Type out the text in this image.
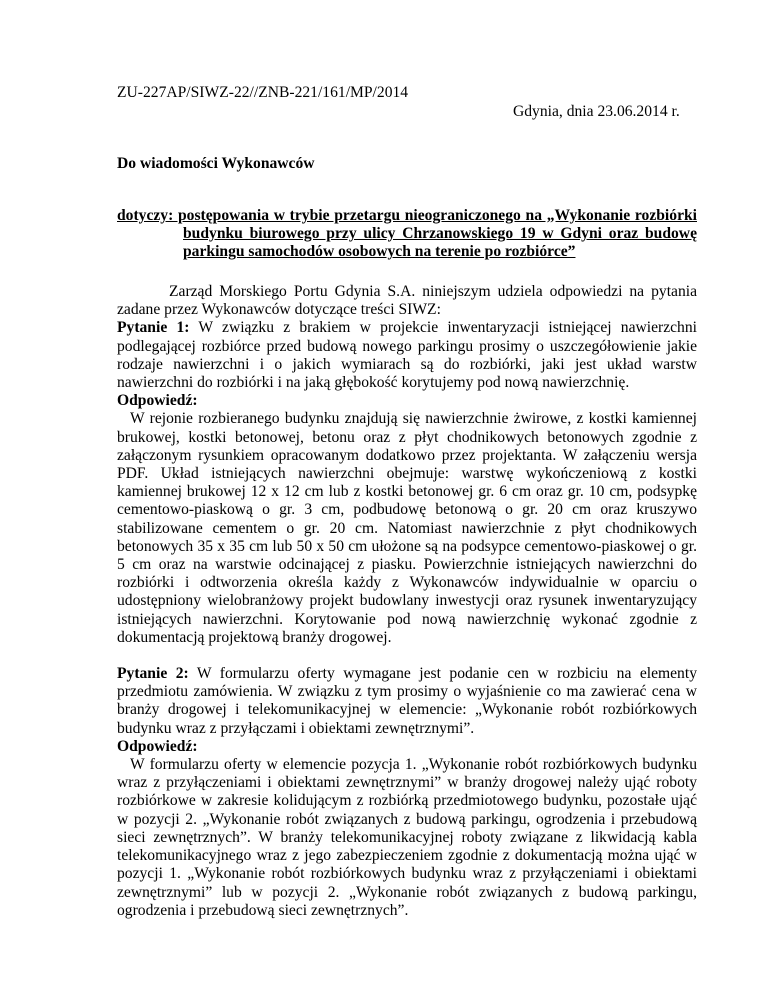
ZU-227AP/SIWZ-22//ZNB-221/161/MP/2014
Gdynia, dnia 23.06.2014 r.
Do wiadomości Wykonawców
dotyczy: postępowania w trybie przetargu nieograniczonego na „Wykonanie rozbiórki budynku biurowego przy ulicy Chrzanowskiego 19 w Gdyni oraz budowę parkingu samochodów osobowych na terenie po rozbiórce”

Zarząd Morskiego Portu Gdynia S.A. niniejszym udziela odpowiedzi na pytania zadane przez Wykonawców dotyczące treści SIWZ:

Pytanie 1: W związku z brakiem w projekcie inwentaryzacji istniejącej nawierzchni podlegającej rozbiórce przed budową nowego parkingu prosimy o uszczegółowienie jakie rodzaje nawierzchni i o jakich wymiarach są do rozbiórki, jaki jest układ warstw nawierzchni do rozbiórki i na jaką głębokość korytujemy pod nową nawierzchnię.

Odpowiedź:

W rejonie rozbieranego budynku znajdują się nawierzchnie żwirowe, z kostki kamiennej brukowej, kostki betonowej, betonu oraz z płyt chodnikowych betonowych zgodnie z załączonym rysunkiem opracowanym dodatkowo przez projektanta. W załączeniu wersja PDF. Układ istniejących nawierzchni obejmuje: warstwę wykończeniową z kostki kamiennej brukowej 12 x 12 cm lub z kostki betonowej gr. 6 cm oraz gr. 10 cm, podsypkę cementowo-piaskową o gr. 3 cm, podbudowę betonową o gr. 20 cm oraz kruszywo stabilizowane cementem o gr. 20 cm. Natomiast nawierzchnie z płyt chodnikowych betonowych 35 x 35 cm lub 50 x 50 cm ułożone są na podsypce cementowo-piaskowej o gr. 5 cm oraz na warstwie odcinającej z piasku. Powierzchnie istniejących nawierzchni do rozbiórki i odtworzenia określa każdy z Wykonawców indywidualnie w oparciu o udostępniony wielobranżowy projekt budowlany inwestycji oraz rysunek inwentaryzujący istniejących nawierzchni. Korytowanie pod nową nawierzchnię wykonać zgodnie z dokumentacją projektową branży drogowej.

Pytanie 2: W formularzu oferty wymagane jest podanie cen w rozbiciu na elementy przedmiotu zamówienia. W związku z tym prosimy o wyjaśnienie co ma zawierać cena w branży drogowej i telekomunikacyjnej w elemencie: „Wykonanie robót rozbiórkowych budynku wraz z przyłączami i obiektami zewnętrznymi”.

Odpowiedź:

W formularzu oferty w elemencie pozycja 1. „Wykonanie robót rozbiórkowych budynku wraz z przyłączeniami i obiektami zewnętrznymi” w branży drogowej należy ująć roboty rozbiórkowe w zakresie kolidującym z rozbiórką przedmiotowego budynku, pozostałe ująć w pozycji 2. „Wykonanie robót związanych z budową parkingu, ogrodzenia i przebudową sieci zewnętrznych”. W branży telekomunikacyjnej roboty związane z likwidacją kabla telekomunikacyjnego wraz z jego zabezpieczeniem zgodnie z dokumentacją można ująć w pozycji 1. „Wykonanie robót rozbiórkowych budynku wraz z przyłączeniami i obiektami zewnętrznymi” lub w pozycji 2. „Wykonanie robót związanych z budową parkingu, ogrodzenia i przebudową sieci zewnętrznych”.
